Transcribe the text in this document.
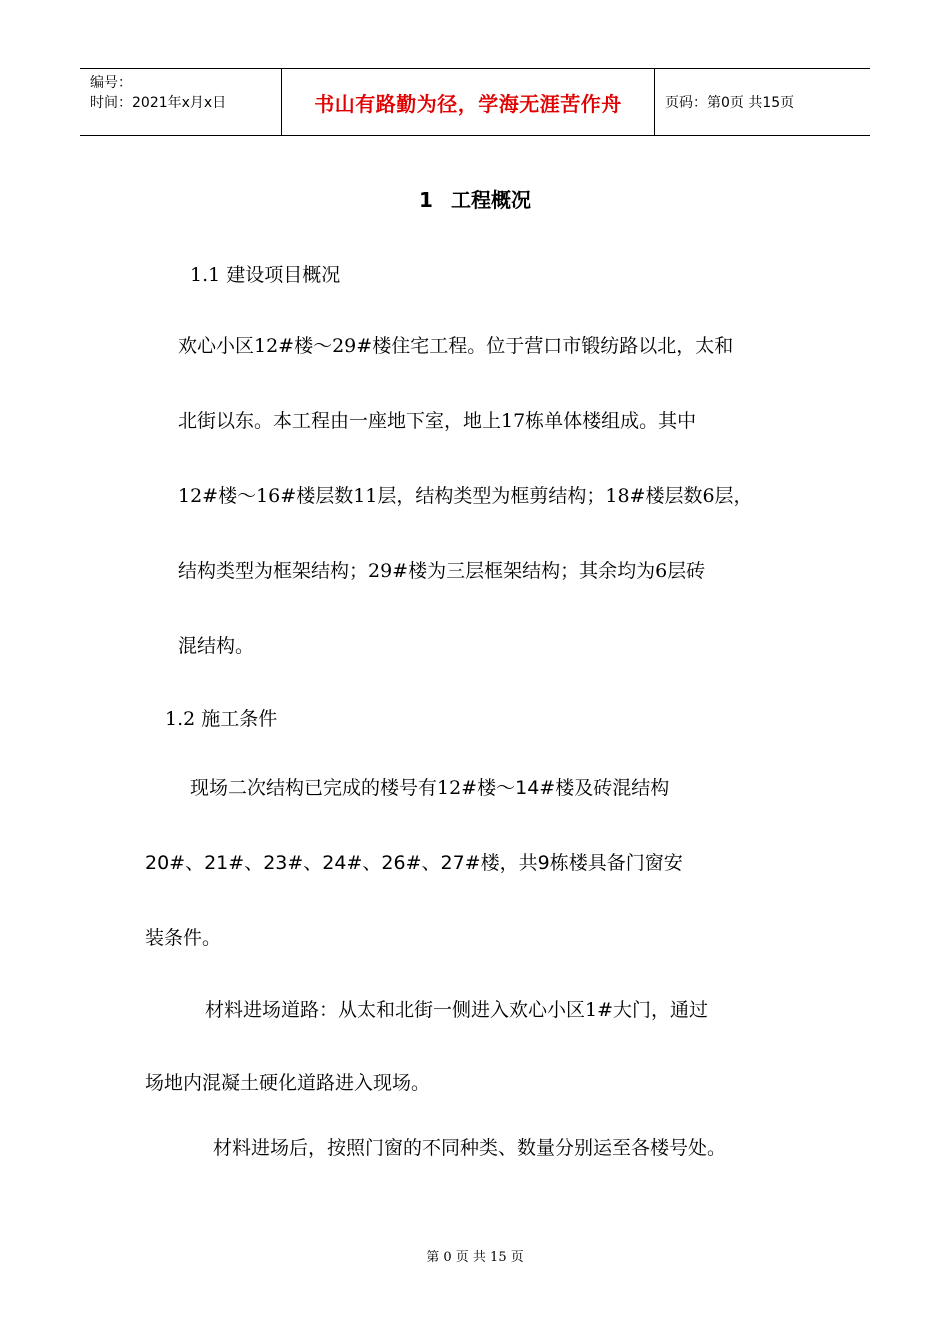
编号：
时间：2021年x月x日	书山有路勤为径，学海无涯苦作舟	页码：第0页 共15页
1 工程概况
1.1 建设项目概况
欢心小区12#楼～29#楼住宅工程。位于营口市锻纺路以北，太和
北街以东。本工程由一座地下室，地上17栋单体楼组成。其中
12#楼～16#楼层数11层，结构类型为框剪结构；18#楼层数6层，
结构类型为框架结构；29#楼为三层框架结构；其余均为6层砖
混结构。
1.2 施工条件
现场二次结构已完成的楼号有12#楼～14#楼及砖混结构
20#、21#、23#、24#、26#、27#楼，共9栋楼具备门窗安
装条件。
材料进场道路：从太和北街一侧进入欢心小区1#大门，通过
场地内混凝土硬化道路进入现场。
材料进场后，按照门窗的不同种类、数量分别运至各楼号处。
第 0 页 共 15 页
